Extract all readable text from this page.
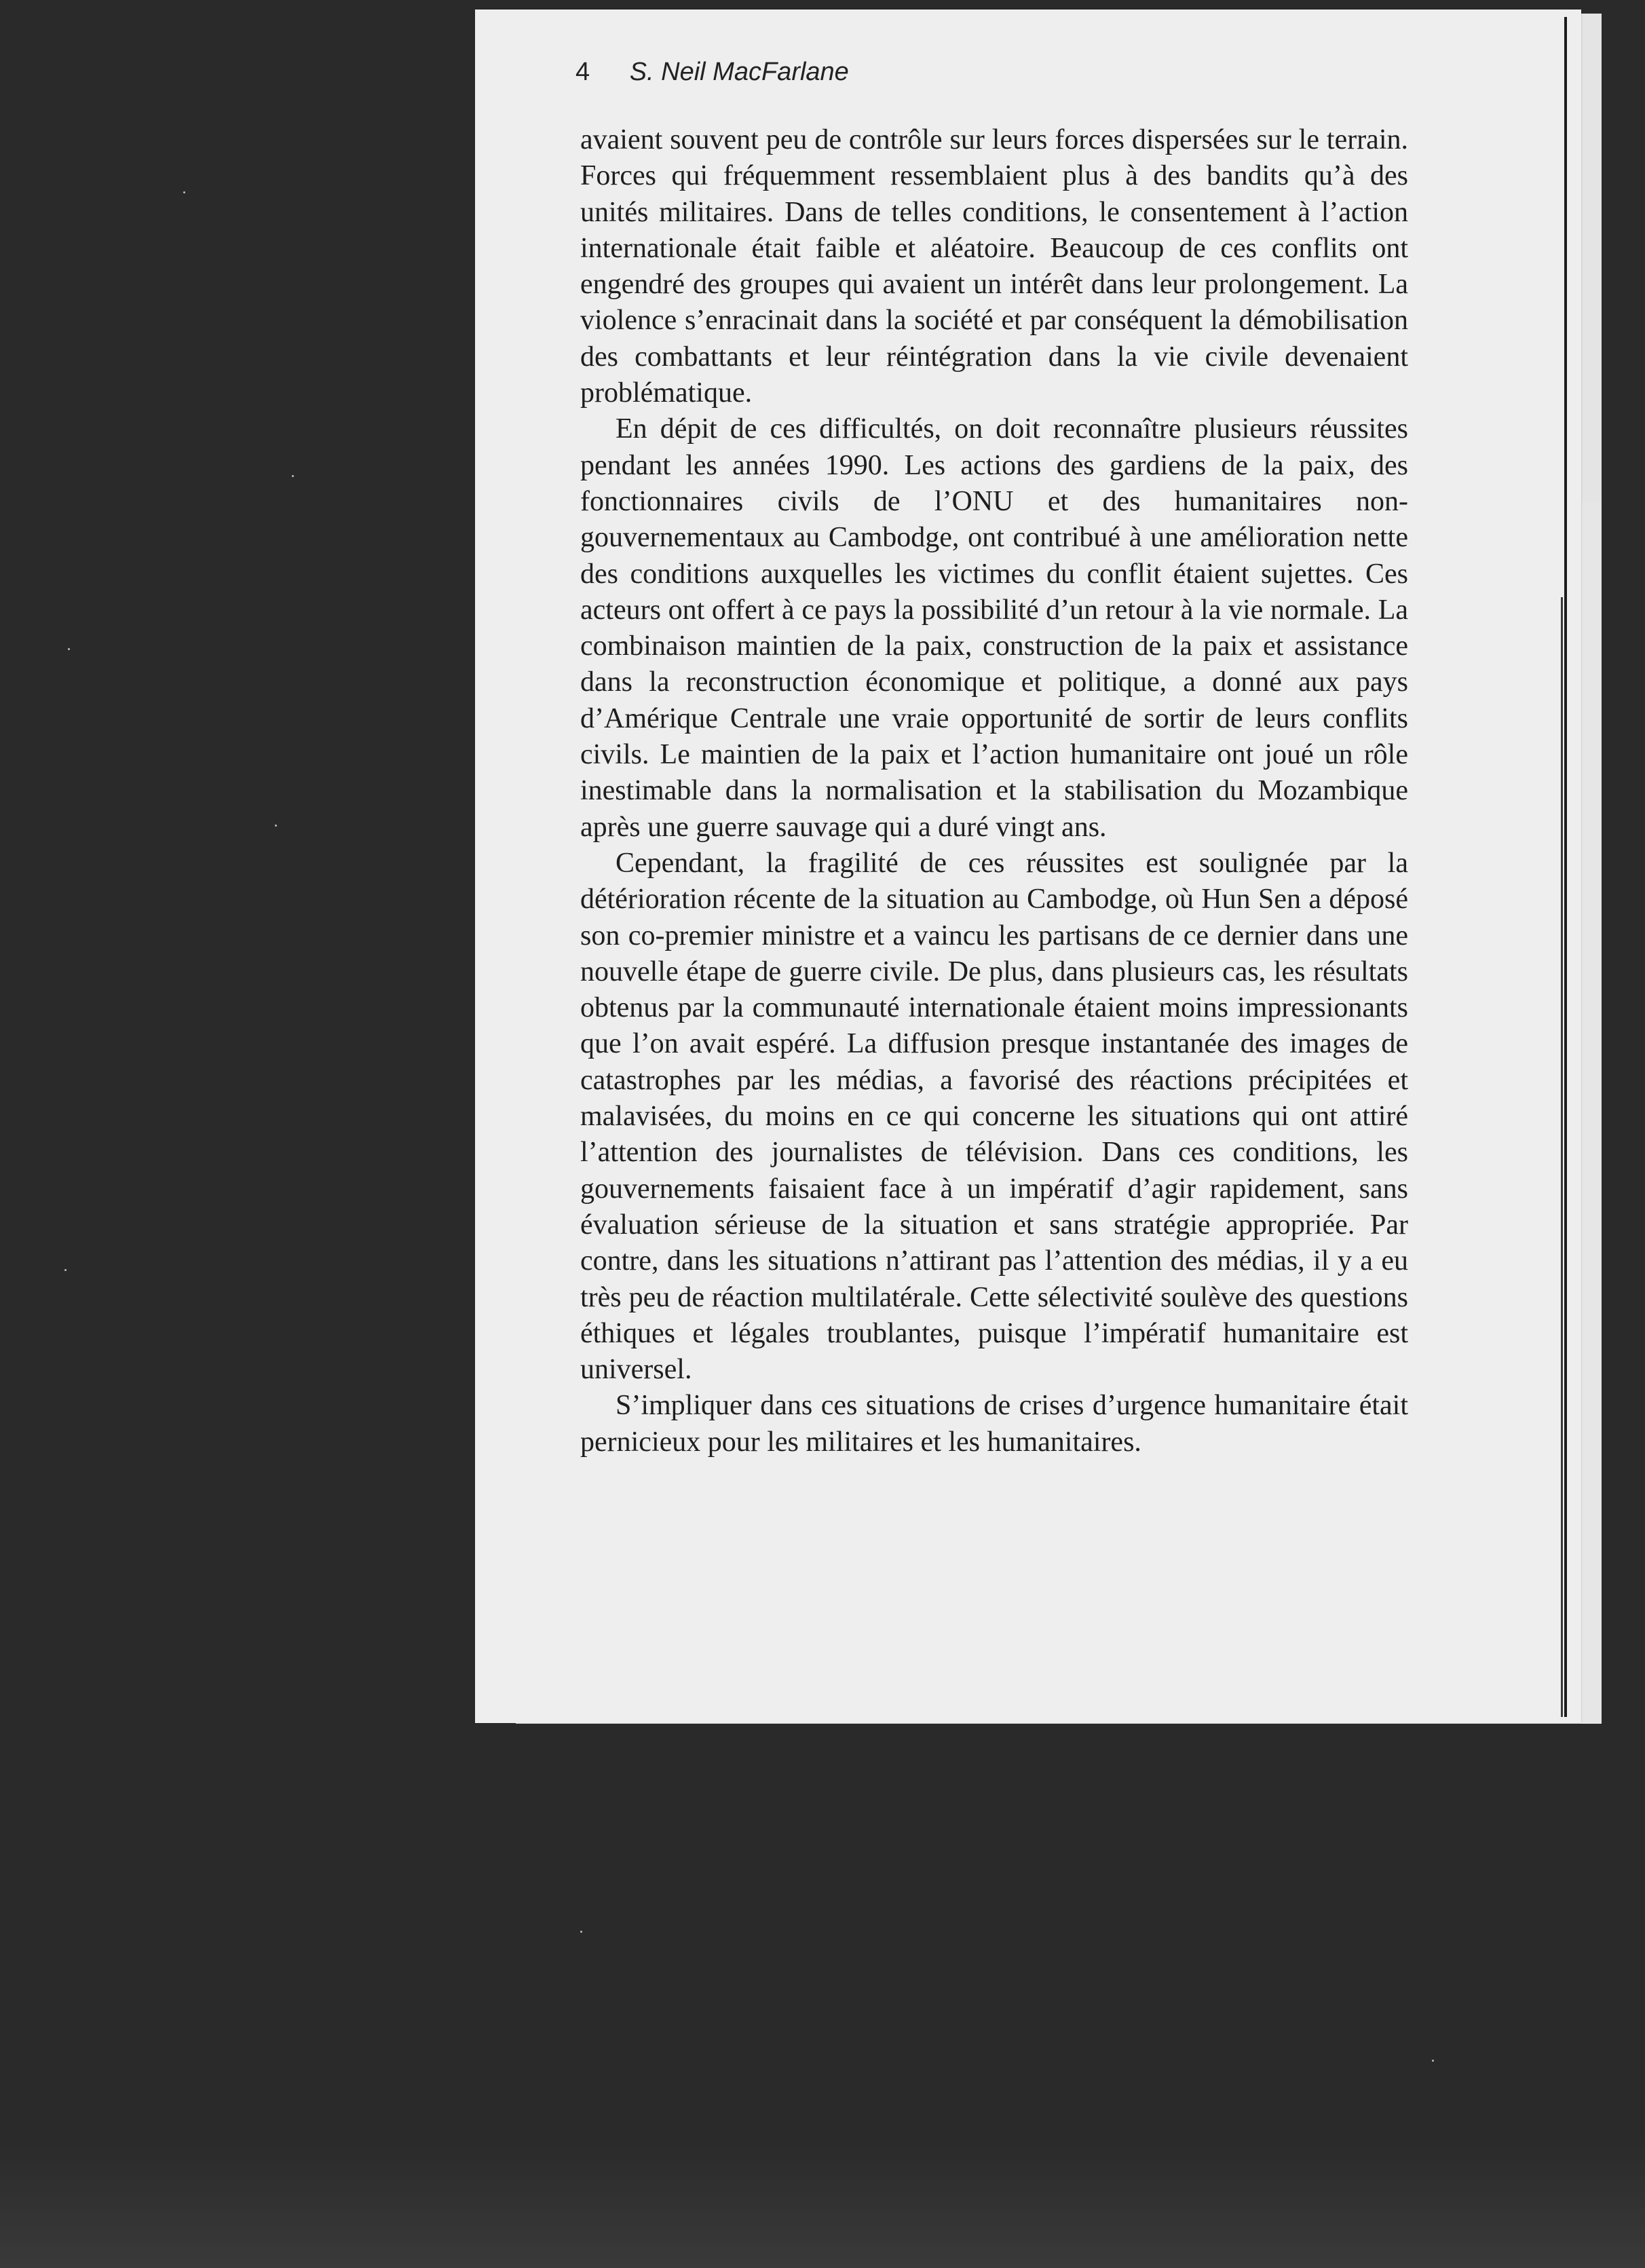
4 S. Neil MacFarlane

avaient souvent peu de contrôle sur leurs forces dispersées sur le terrain. Forces qui fréquemment ressemblaient plus à des bandits qu’à des unités militaires. Dans de telles conditions, le consentement à l’action internationale était faible et aléatoire. Beaucoup de ces conflits ont engendré des groupes qui avaient un intérêt dans leur prolongement. La violence s’enracinait dans la société et par conséquent la démobilisation des combattants et leur réintégration dans la vie civile devenaient problématique.

En dépit de ces difficultés, on doit reconnaître plusieurs réussites pendant les années 1990. Les actions des gardiens de la paix, des fonctionnaires civils de l’ONU et des humanitaires non-gouvernementaux au Cambodge, ont contribué à une amélioration nette des conditions auxquelles les victimes du conflit étaient sujettes. Ces acteurs ont offert à ce pays la possibilité d’un retour à la vie normale. La combinaison maintien de la paix, construction de la paix et assistance dans la reconstruction économique et politique, a donné aux pays d’Amérique Centrale une vraie opportunité de sortir de leurs conflits civils. Le maintien de la paix et l’action humanitaire ont joué un rôle inestimable dans la normalisation et la stabilisation du Mozambique après une guerre sauvage qui a duré vingt ans.

Cependant, la fragilité de ces réussites est soulignée par la détérioration récente de la situation au Cambodge, où Hun Sen a déposé son co-premier ministre et a vaincu les partisans de ce dernier dans une nouvelle étape de guerre civile. De plus, dans plusieurs cas, les résultats obtenus par la communauté internationale étaient moins impressionants que l’on avait espéré. La diffusion presque instantanée des images de catastrophes par les médias, a favorisé des réactions précipitées et malavisées, du moins en ce qui concerne les situations qui ont attiré l’attention des journalistes de télévision. Dans ces conditions, les gouvernements faisaient face à un impératif d’agir rapidement, sans évaluation sérieuse de la situation et sans stratégie appropriée. Par contre, dans les situations n’attirant pas l’attention des médias, il y a eu très peu de réaction multilatérale. Cette sélectivité soulève des questions éthiques et légales troublantes, puisque l’impératif humanitaire est universel.

S’impliquer dans ces situations de crises d’urgence humanitaire était pernicieux pour les militaires et les humanitaires.
